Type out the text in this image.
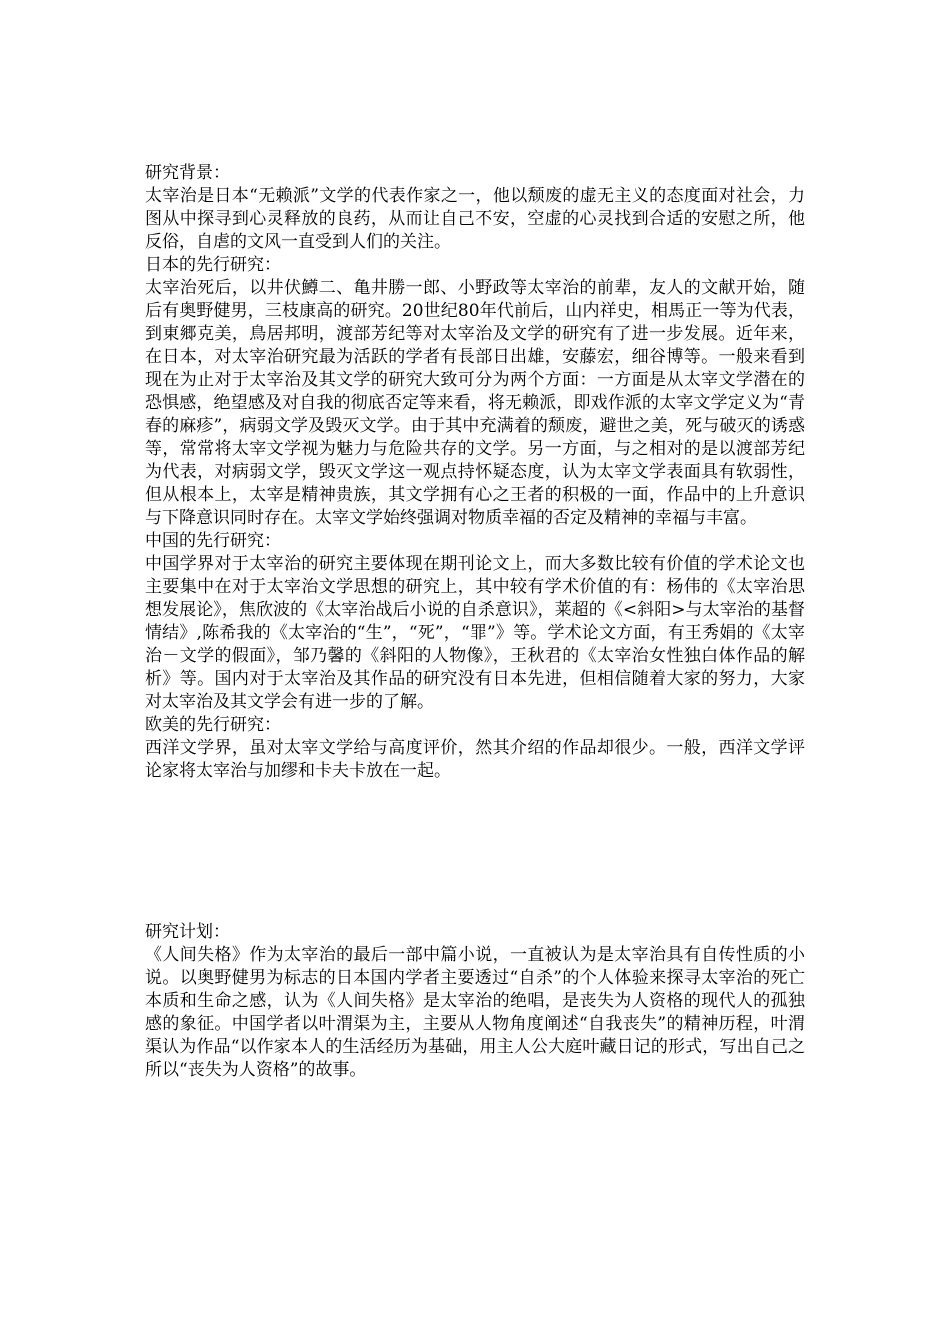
研究背景：

太宰治是日本“无赖派”文学的代表作家之一，他以颓废的虚无主义的态度面对社会，力图从中探寻到心灵释放的良药，从而让自己不安，空虚的心灵找到合适的安慰之所，他反俗，自虐的文风一直受到人们的关注。

日本的先行研究：

太宰治死后，以井伏鱒二、亀井勝一郎、小野政等太宰治的前辈，友人的文献开始，随后有奥野健男，三枝康高的研究。20世纪80年代前后，山内祥史，相馬正一等为代表，到東郷克美，鳥居邦明，渡部芳纪等对太宰治及文学的研究有了进一步发展。近年来，在日本，对太宰治研究最为活跃的学者有長部日出雄，安藤宏，细谷博等。一般来看到现在为止对于太宰治及其文学的研究大致可分为两个方面：一方面是从太宰文学潜在的恐惧感，绝望感及对自我的彻底否定等来看，将无赖派，即戏作派的太宰文学定义为“青春的麻疹”，病弱文学及毁灭文学。由于其中充满着的颓废，避世之美，死与破灭的诱惑等，常常将太宰文学视为魅力与危险共存的文学。另一方面，与之相对的是以渡部芳纪为代表，对病弱文学，毁灭文学这一观点持怀疑态度，认为太宰文学表面具有软弱性，但从根本上，太宰是精神贵族，其文学拥有心之王者的积极的一面，作品中的上升意识与下降意识同时存在。太宰文学始终强调对物质幸福的否定及精神的幸福与丰富。

中国的先行研究：

中国学界对于太宰治的研究主要体现在期刊论文上，而大多数比较有价值的学术论文也主要集中在对于太宰治文学思想的研究上，其中较有学术价值的有：杨伟的《太宰治思想发展论》，焦欣波的《太宰治战后小说的自杀意识》，莱超的《<斜阳>与太宰治的基督情结》,陈希我的《太宰治的“生”，“死”，“罪”》等。学术论文方面，有王秀娟的《太宰治－文学的假面》，邹乃馨的《斜阳的人物像》，王秋君的《太宰治女性独白体作品的解析》等。国内对于太宰治及其作品的研究没有日本先进，但相信随着大家的努力，大家对太宰治及其文学会有进一步的了解。

欧美的先行研究：

西洋文学界，虽对太宰文学给与高度评价，然其介绍的作品却很少。一般，西洋文学评论家将太宰治与加缪和卡夫卡放在一起。

研究计划：

《人间失格》作为太宰治的最后一部中篇小说，一直被认为是太宰治具有自传性质的小说。以奥野健男为标志的日本国内学者主要透过“自杀”的个人体验来探寻太宰治的死亡本质和生命之感，认为《人间失格》是太宰治的绝唱，是丧失为人资格的现代人的孤独感的象征。中国学者以叶渭渠为主，主要从人物角度阐述“自我丧失”的精神历程，叶渭渠认为作品“以作家本人的生活经历为基础，用主人公大庭叶藏日记的形式，写出自己之所以“丧失为人资格”的故事。
